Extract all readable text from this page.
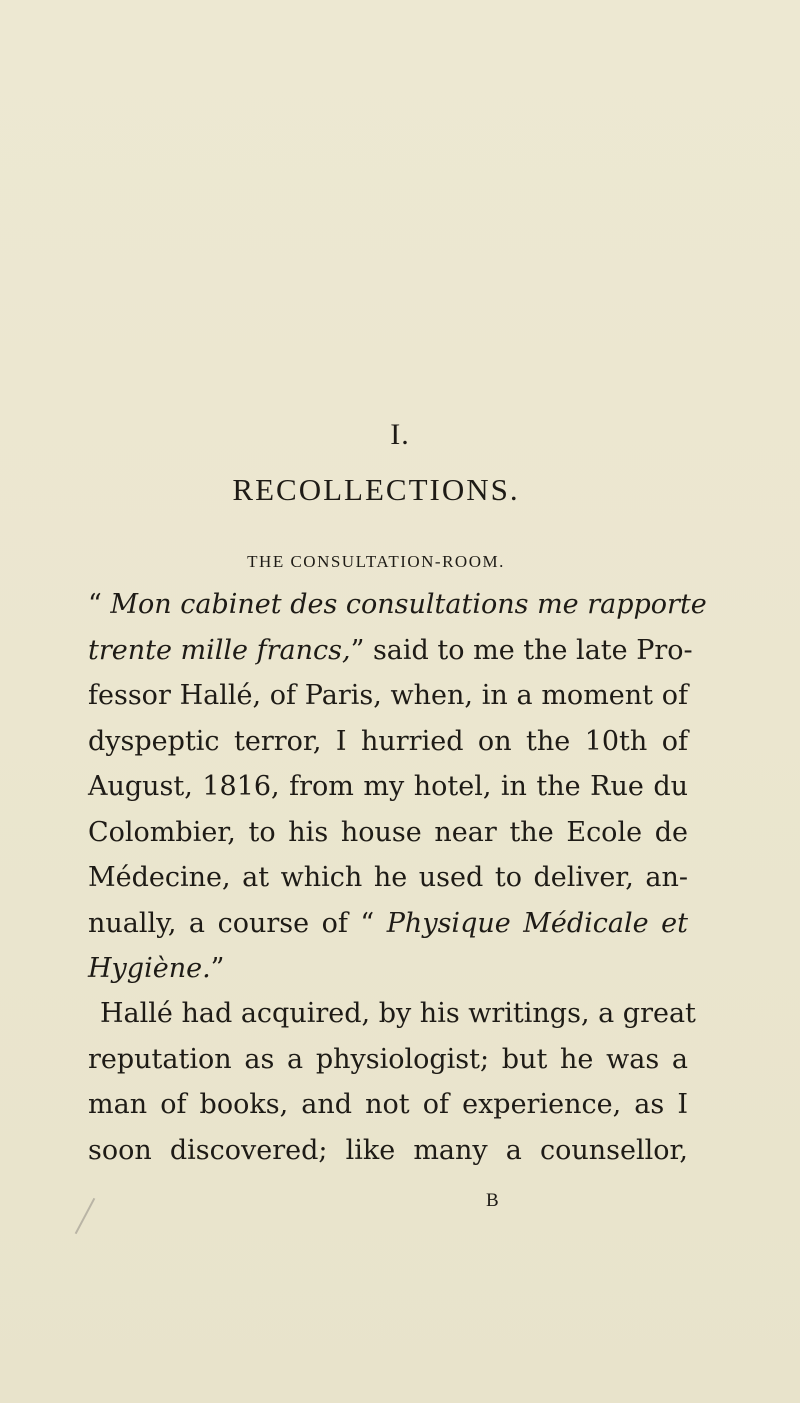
I.
RECOLLECTIONS.
THE CONSULTATION-ROOM.
“ Mon cabinet des consultations me rapporte
trente mille francs,” said to me the late Pro-
fessor Hallé, of Paris, when, in a moment of
dyspeptic terror, I hurried on the 10th of
August, 1816, from my hotel, in the Rue du
Colombier, to his house near the Ecole de
Médecine, at which he used to deliver, an-
nually, a course of “ Physique Médicale et
Hygiène.”
Hallé had acquired, by his writings, a great
reputation as a physiologist; but he was a
man of books, and not of experience, as I
soon discovered; like many a counsellor,
B
